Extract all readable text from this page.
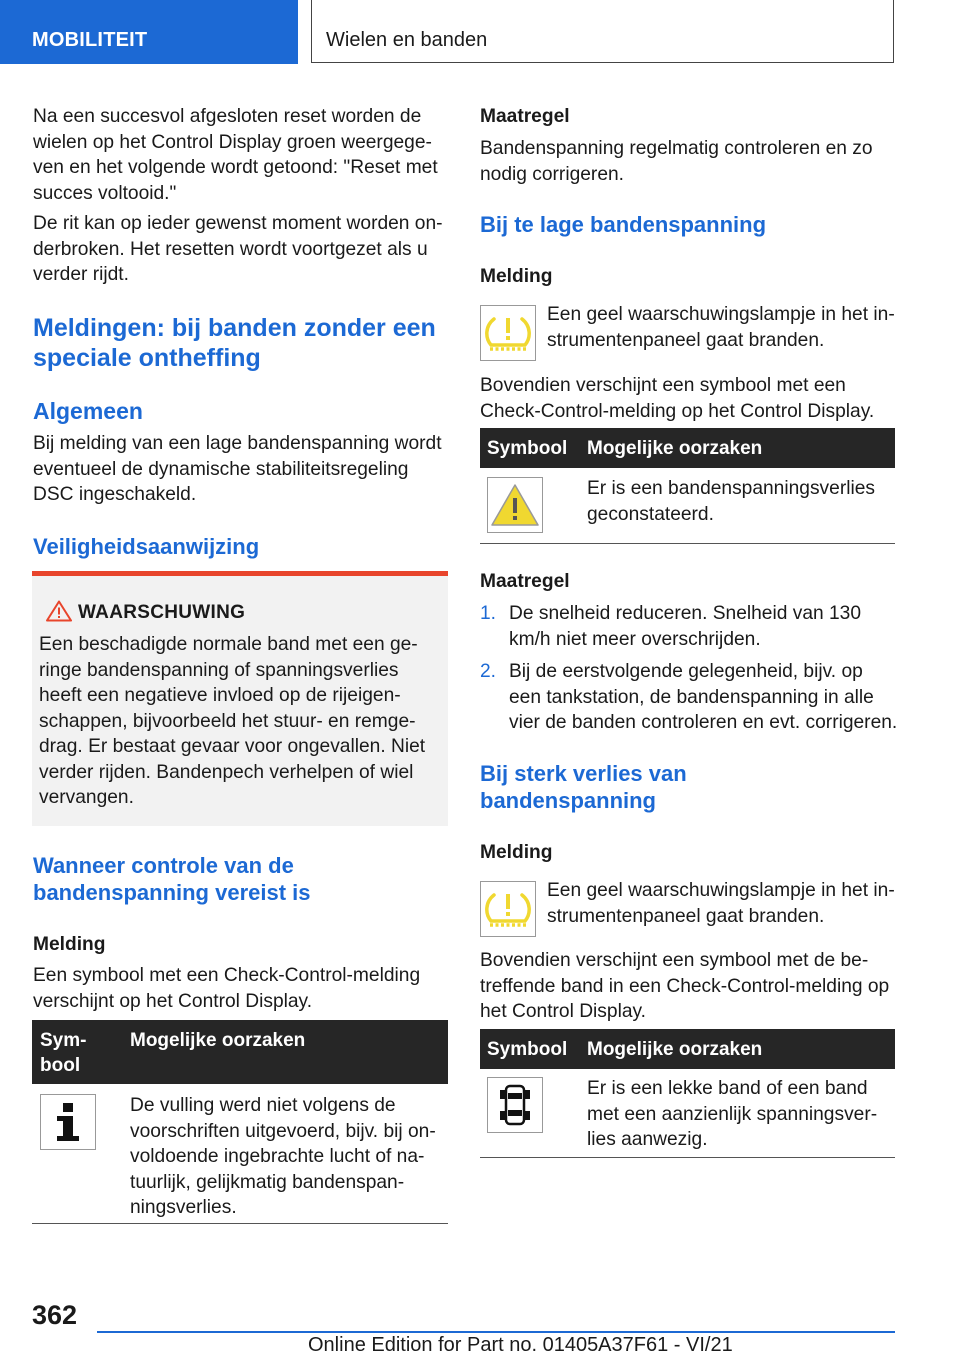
MOBILITEIT	Wielen en banden

Na een succesvol afgesloten reset worden de wielen op het Control Display groen weergegeven en het volgende wordt getoond: "Reset met succes voltooid."

De rit kan op ieder gewenst moment worden onderbroken. Het resetten wordt voortgezet als u verder rijdt.

Meldingen: bij banden zonder een speciale ontheffing
Algemeen

Bij melding van een lage bandenspanning wordt eventueel de dynamische stabiliteitsregeling DSC ingeschakeld.

Veiligheidsaanwijzing
WAARSCHUWING
Een beschadigde normale band met een geringe bandenspanning of spanningsverlies heeft een negatieve invloed op de rijeigenschappen, bijvoorbeeld het stuur- en remgedrag. Er bestaat gevaar voor ongevallen. Niet verder rijden. Bandenpech verhelpen of wiel vervangen.
Wanneer controle van de bandenspanning vereist is

Melding

Een symbool met een Check-Control-melding verschijnt op het Control Display.

Symbool
Mogelijke oorzaken

De vulling werd niet volgens de voorschriften uitgevoerd, bijv. bij onvoldoende ingebrachte lucht of natuurlijk, gelijkmatig bandenspanningsverlies.

Maatregel

Bandenspanning regelmatig controleren en zo nodig corrigeren.

Bij te lage bandenspanning

Melding

Een geel waarschuwingslampje in het instrumentenpaneel gaat branden.

Bovendien verschijnt een symbool met een Check-Control-melding op het Control Display.

Symbool Mogelijke oorzaken

Er is een bandenspanningsverlies geconstateerd.

Maatregel

1. De snelheid reduceren. Snelheid van 130 km/h niet meer overschrijden.

2. Bij de eerstvolgende gelegenheid, bijv. op een tankstation, de bandenspanning in alle vier de banden controleren en evt. corrigeren.

Bij sterk verlies van bandenspanning

Melding

Een geel waarschuwingslampje in het instrumentenpaneel gaat branden.

Bovendien verschijnt een symbool met de betreffende band in een Check-Control-melding op het Control Display.

Symbool Mogelijke oorzaken

Er is een lekke band of een band met een aanzienlijk spanningsverlies aanwezig.

362
Online Edition for Part no. 01405A37F61 - VI/21
